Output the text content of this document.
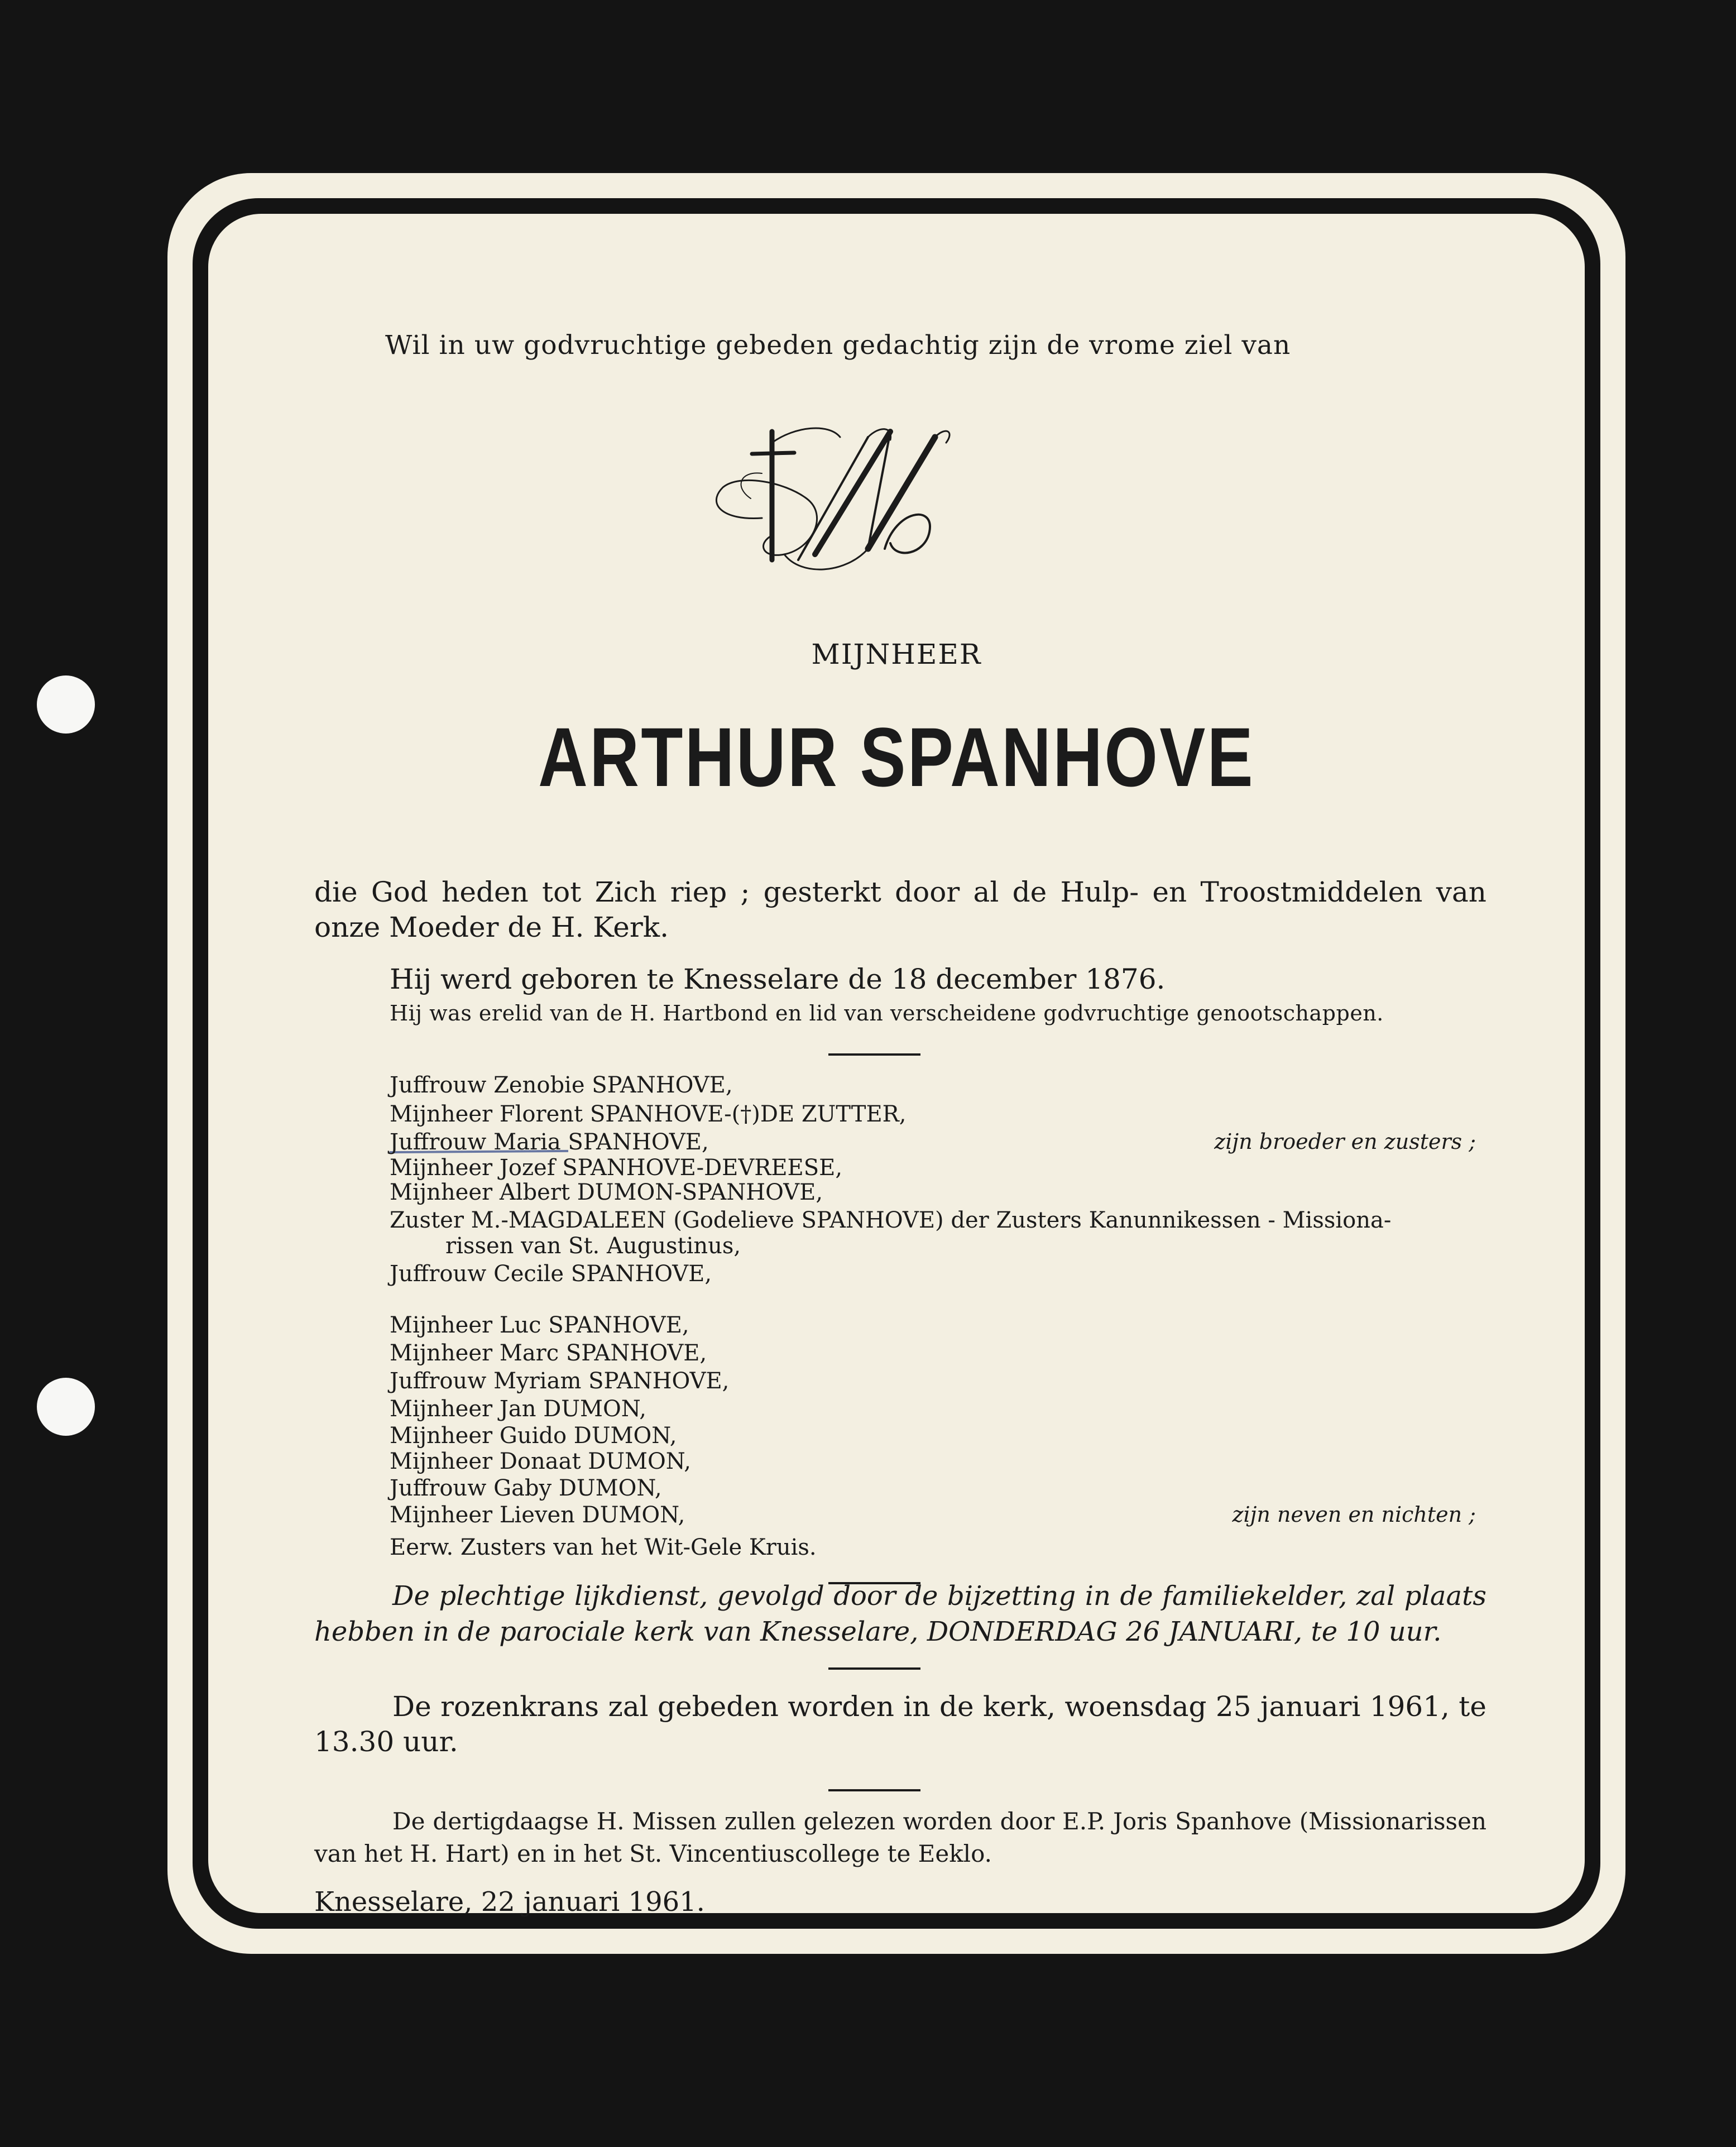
Wil in uw godvruchtige gebeden gedachtig zijn de vrome ziel van

MIJNHEER

ARTHUR SPANHOVE

die God heden tot Zich riep ; gesterkt door al de Hulp- en Troostmiddelen van onze Moeder de H. Kerk.

Hij werd geboren te Knesselare de 18 december 1876.

Hij was erelid van de H. Hartbond en lid van verscheidene godvruchtige genootschappen.

Juffrouw Zenobie SPANHOVE,

Mijnheer Florent SPANHOVE-(†)DE ZUTTER,

Juffrouw Maria SPANHOVE,	zijn broeder en zusters ;

Mijnheer Jozef SPANHOVE-DEVREESE,

Mijnheer Albert DUMON-SPANHOVE,

Zuster M.-MAGDALEEN (Godelieve SPANHOVE) der Zusters Kanunnikessen - Missiona-

rissen van St. Augustinus,

Juffrouw Cecile SPANHOVE,

Mijnheer Luc SPANHOVE,

Mijnheer Marc SPANHOVE,

Juffrouw Myriam SPANHOVE,

Mijnheer Jan DUMON,

Mijnheer Guido DUMON,

Mijnheer Donaat DUMON,

Juffrouw Gaby DUMON,

Mijnheer Lieven DUMON,	zijn neven en nichten ;

Eerw. Zusters van het Wit-Gele Kruis.

De plechtige lijkdienst, gevolgd door de bijzetting in de familiekelder, zal plaats hebben in de parociale kerk van Knesselare, DONDERDAG 26 JANUARI, te 10 uur.

De rozenkrans zal gebeden worden in de kerk, woensdag 25 januari 1961, te 13.30 uur.

De dertigdaagse H. Missen zullen gelezen worden door E.P. Joris Spanhove (Missionarissen van het H. Hart) en in het St. Vincentiuscollege te Eeklo.

Knesselare, 22 januari 1961.
